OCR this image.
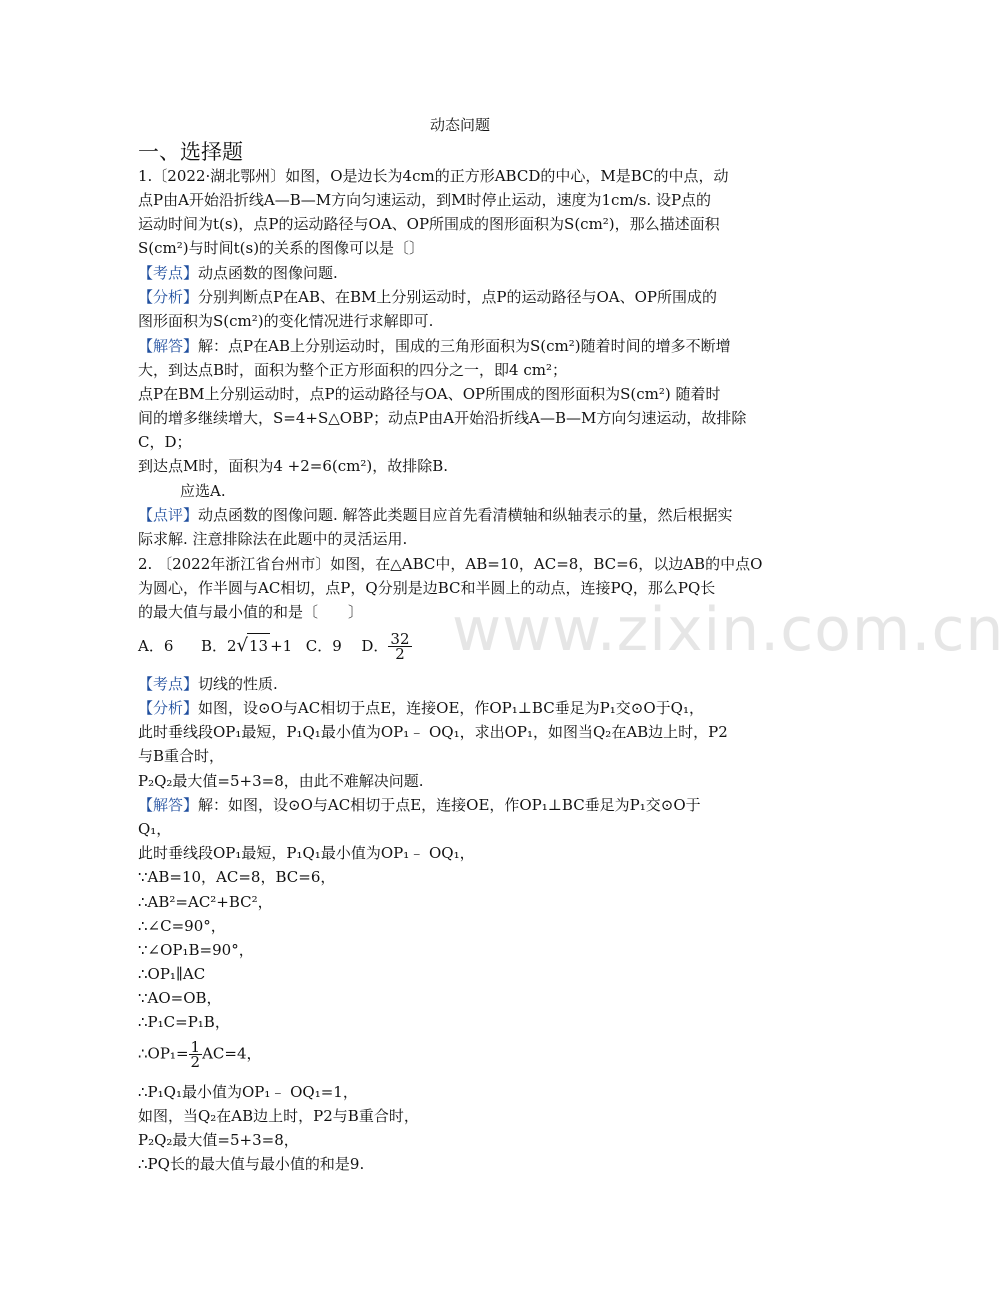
www.zixin.com.cn
动态问题
一、选择题
1.〔2022·湖北鄂州〕如图，O是边长为4cm的正方形ABCD的中心，M是BC的中点，动
点P由A开始沿折线A—B—M方向匀速运动，到M时停止运动，速度为1cm/s. 设P点的
运动时间为t(s)，点P的运动路径与OA、OP所围成的图形面积为S(cm²)，那么描述面积
S(cm²)与时间t(s)的关系的图像可以是〔〕
【考点】动点函数的图像问题.
【分析】分别判断点P在AB、在BM上分别运动时，点P的运动路径与OA、OP所围成的
图形面积为S(cm²)的变化情况进行求解即可.
【解答】解：点P在AB上分别运动时，围成的三角形面积为S(cm²)随着时间的增多不断增
大，到达点B时，面积为整个正方形面积的四分之一，即4 cm²；
点P在BM上分别运动时，点P的运动路径与OA、OP所围成的图形面积为S(cm²) 随着时
间的增多继续增大，S=4+S△OBP；动点P由A开始沿折线A—B—M方向匀速运动，故排除
C，D；
到达点M时，面积为4 +2=6(cm²)，故排除B.
应选A.
【点评】动点函数的图像问题. 解答此类题目应首先看清横轴和纵轴表示的量，然后根据实
际求解. 注意排除法在此题中的灵活运用.
2. 〔2022年浙江省台州市〕如图，在△ABC中，AB=10，AC=8，BC=6，以边AB的中点O
为圆心，作半圆与AC相切，点P，Q分别是边BC和半圆上的动点，连接PQ，那么PQ长
的最大值与最小值的和是〔　　〕
A．6 B．2√13 +1 C．9 D． $\frac{32}{2}$
【考点】切线的性质.
【分析】如图，设⊙O与AC相切于点E，连接OE，作OP₁⊥BC垂足为P₁交⊙O于Q₁，
此时垂线段OP₁最短，P₁Q₁最小值为OP₁﹣ OQ₁，求出OP₁，如图当Q₂在AB边上时，P2
与B重合时，
P₂Q₂最大值=5+3=8，由此不难解决问题.
【解答】解：如图，设⊙O与AC相切于点E，连接OE，作OP₁⊥BC垂足为P₁交⊙O于
Q₁，
此时垂线段OP₁最短，P₁Q₁最小值为OP₁﹣ OQ₁，
∵AB=10，AC=8，BC=6，
∴AB²=AC²+BC²，
∴∠C=90°，
∵∠OP₁B=90°，
∴OP₁∥AC
∵AO=OB，
∴P₁C=P₁B，
∴OP₁= $\frac{1}{2} AC=4$，
∴P₁Q₁最小值为OP₁﹣ OQ₁=1，
如图，当Q₂在AB边上时，P2与B重合时，
P₂Q₂最大值=5+3=8，
∴PQ长的最大值与最小值的和是9.
